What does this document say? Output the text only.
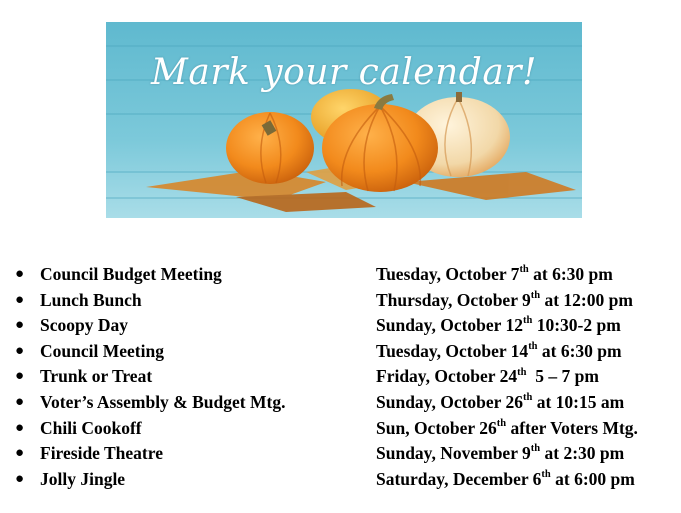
Mark your calendar!
● Council Budget Meeting	Tuesday, October 7th at 6:30 pm
● Lunch Bunch	Thursday, October 9th at 12:00 pm
● Scoopy Day	Sunday, October 12th 10:30-2 pm
● Council Meeting	Tuesday, October 14th at 6:30 pm
● Trunk or Treat	Friday, October 24th  5 – 7 pm
● Voter’s Assembly & Budget Mtg.	Sunday, October 26th at 10:15 am
● Chili Cookoff	Sun, October 26th after Voters Mtg.
● Fireside Theatre	Sunday, November 9th at 2:30 pm
● Jolly Jingle	Saturday, December 6th at 6:00 pm
